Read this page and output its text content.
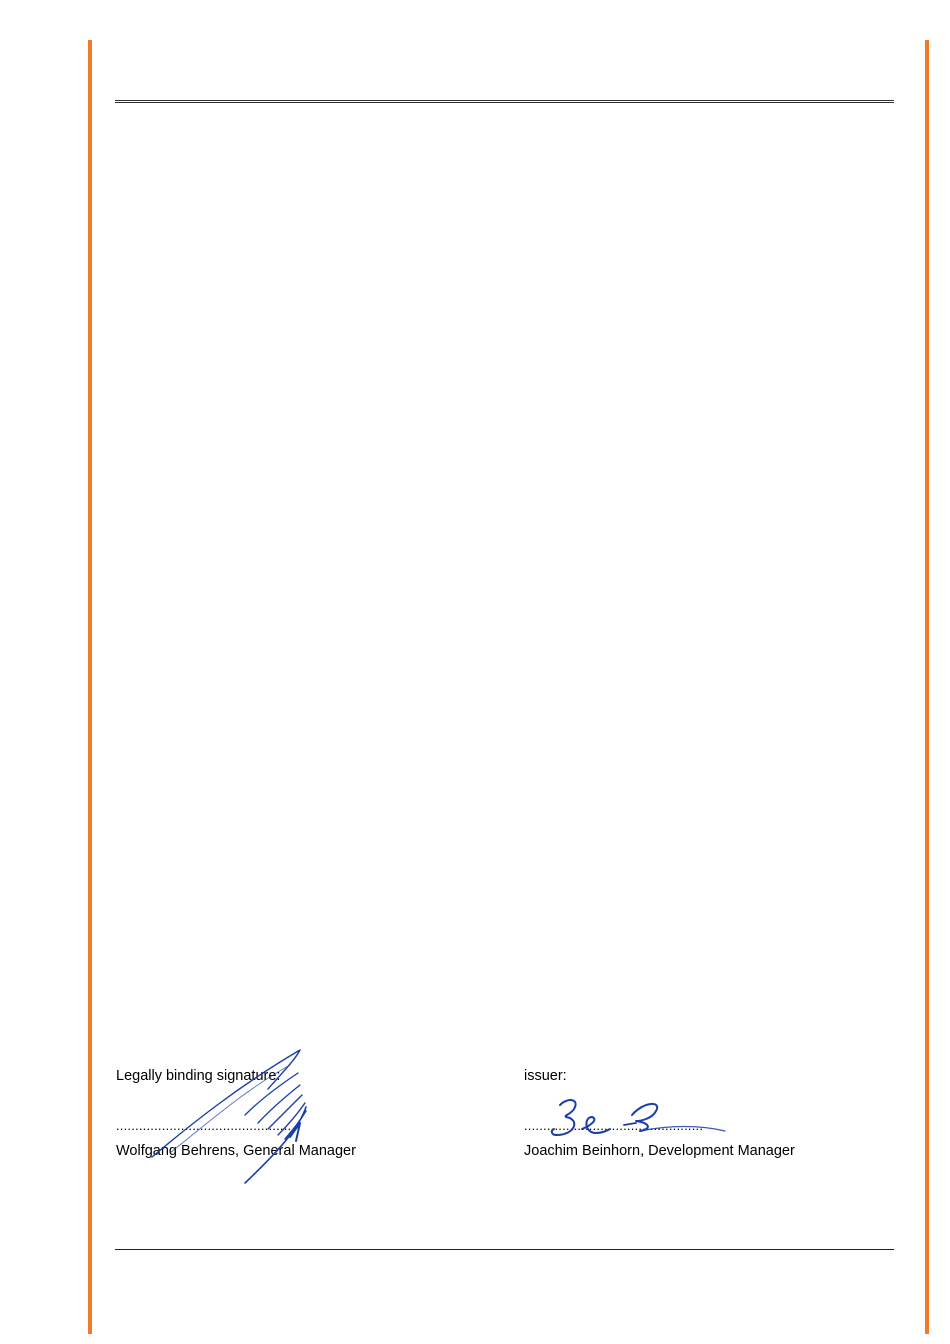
Legally binding signature:
...............................................
Wolfgang Behrens, General Manager
issuer:
...............................................
Joachim Beinhorn, Development Manager
